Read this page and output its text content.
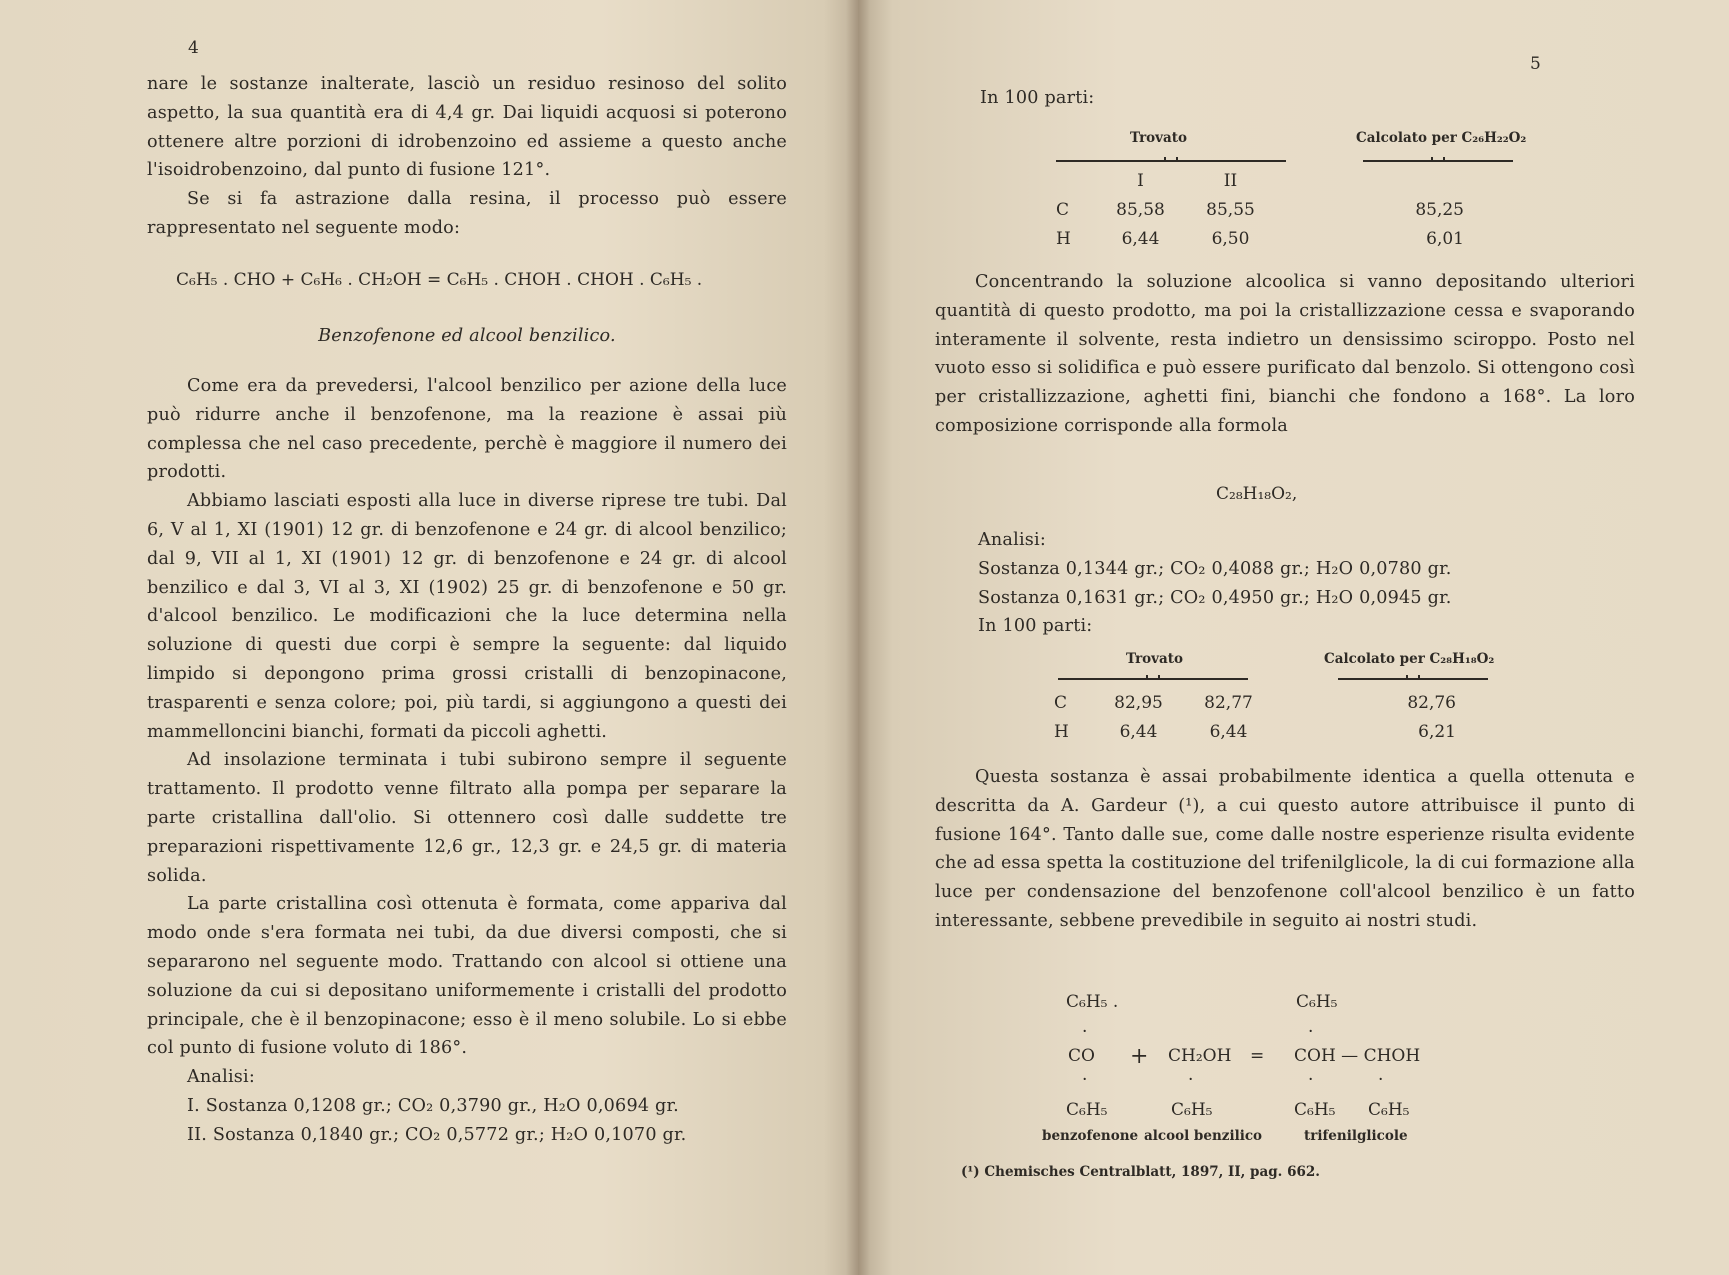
4

nare le sostanze inalterate, lasciò un residuo resinoso del solito aspetto, la sua quantità era di 4,4 gr. Dai liquidi acquosi si poterono ottenere altre porzioni di idrobenzoino ed assieme a questo anche l'isoidrobenzoino, dal punto di fusione 121°.

Se si fa astrazione dalla resina, il processo può essere rappresentato nel seguente modo:

C₆H₅ . CHO + C₆H₆ . CH₂OH = C₆H₅ . CHOH . CHOH . C₆H₅ .
Benzofenone ed alcool benzilico.

Come era da prevedersi, l'alcool benzilico per azione della luce può ridurre anche il benzofenone, ma la reazione è assai più complessa che nel caso precedente, perchè è maggiore il numero dei prodotti.

Abbiamo lasciati esposti alla luce in diverse riprese tre tubi. Dal 6, V al 1, XI (1901) 12 gr. di benzofenone e 24 gr. di alcool benzilico; dal 9, VII al 1, XI (1901) 12 gr. di benzofenone e 24 gr. di alcool benzilico e dal 3, VI al 3, XI (1902) 25 gr. di benzofenone e 50 gr. d'alcool benzilico. Le modificazioni che la luce determina nella soluzione di questi due corpi è sempre la seguente: dal liquido limpido si depongono prima grossi cristalli di benzopinacone, trasparenti e senza colore; poi, più tardi, si aggiungono a questi dei mammelloncini bianchi, formati da piccoli aghetti.

Ad insolazione terminata i tubi subirono sempre il seguente trattamento. Il prodotto venne filtrato alla pompa per separare la parte cristallina dall'olio. Si ottennero così dalle suddette tre preparazioni rispettivamente 12,6 gr., 12,3 gr. e 24,5 gr. di materia solida.

La parte cristallina così ottenuta è formata, come appariva dal modo onde s'era formata nei tubi, da due diversi composti, che si separarono nel seguente modo. Trattando con alcool si ottiene una soluzione da cui si depositano uniformemente i cristalli del prodotto principale, che è il benzopinacone; esso è il meno solubile. Lo si ebbe col punto di fusione voluto di 186°.

Analisi:

I. Sostanza 0,1208 gr.; CO₂ 0,3790 gr., H₂O 0,0694 gr.

II. Sostanza 0,1840 gr.; CO₂ 0,5772 gr.; H₂O 0,1070 gr.

5
In 100 parti:
Trovato	Calcolato per C₂₆H₂₂O₂
	I	II	
C	85,58	85,55	85,25
H	6,44	6,50	6,01

Concentrando la soluzione alcoolica si vanno depositando ulteriori quantità di questo prodotto, ma poi la cristallizzazione cessa e svaporando interamente il solvente, resta indietro un densissimo sciroppo. Posto nel vuoto esso si solidifica e può essere purificato dal benzolo. Si ottengono così per cristallizzazione, aghetti fini, bianchi che fondono a 168°. La loro composizione corrisponde alla formola

C₂₈H₁₈O₂,

Analisi:

Sostanza 0,1344 gr.; CO₂ 0,4088 gr.; H₂O 0,0780 gr.

Sostanza 0,1631 gr.; CO₂ 0,4950 gr.; H₂O 0,0945 gr.

In 100 parti:

Trovato	Calcolato per C₂₈H₁₈O₂
C	82,95	82,77	82,76
H	6,44	6,44	6,21

Questa sostanza è assai probabilmente identica a quella ottenuta e descritta da A. Gardeur (¹), a cui questo autore attribuisce il punto di fusione 164°. Tanto dalle sue, come dalle nostre esperienze risulta evidente che ad essa spetta la costituzione del trifenilglicole, la di cui formazione alla luce per condensazione del benzofenone coll'alcool benzilico è un fatto interessante, sebbene prevedibile in seguito ai nostri studi.

C₆H₅ .	C₆H₅
·	·
CO + CH₂OH = COH — CHOH
·	·	·	·
C₆H₅	C₆H₅	C₆H₅ C₆H₅
benzofenone alcool benzilico	trifenilglicole
(¹) Chemisches Centralblatt, 1897, II, pag. 662.
